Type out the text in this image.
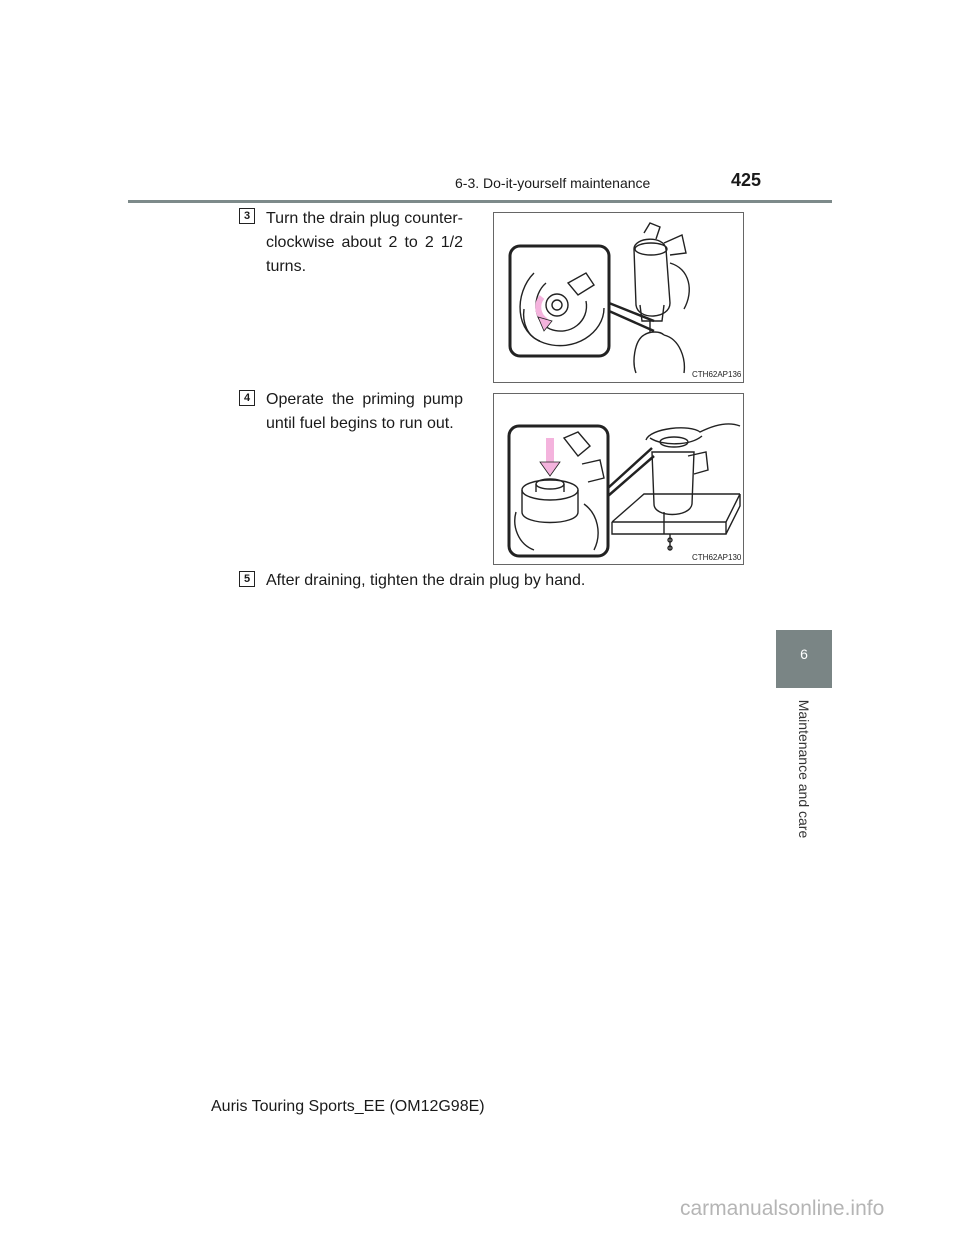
6-3. Do-it-yourself maintenance	425
6
Maintenance and care
3 Turn the drain plug counter-clockwise about 2 to 2 1/2 turns.
CTH62AP136
4 Operate the priming pump until fuel begins to run out.
CTH62AP130
5 After draining, tighten the drain plug by hand.
Auris Touring Sports_EE (OM12G98E)
carmanualsonline.info
